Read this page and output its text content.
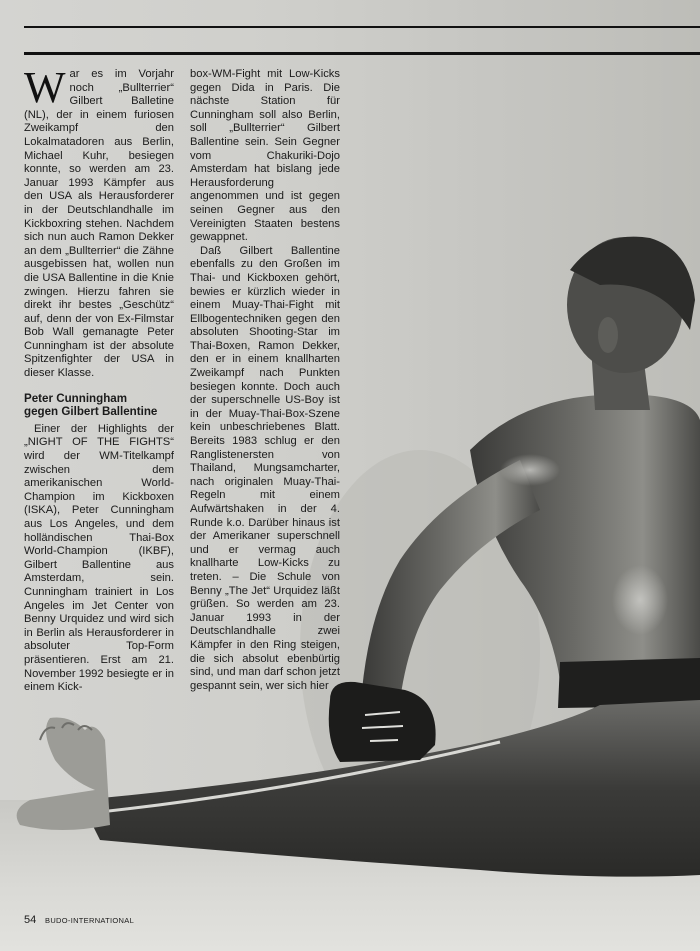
War es im Vorjahr noch „Bullterrier“ Gilbert Balletine (NL), der in einem furiosen Zweikampf den Lokalmatadoren aus Berlin, Michael Kuhr, besiegen konnte, so werden am 23. Januar 1993 Kämpfer aus den USA als Herausforderer in der Deutschlandhalle im Kickboxring stehen. Nachdem sich nun auch Ramon Dekker an dem „Bullterrier“ die Zähne ausgebissen hat, wollen nun die USA Ballentine in die Knie zwingen. Hierzu fahren sie direkt ihr bestes „Geschütz“ auf, denn der von Ex-Filmstar Bob Wall gemanagte Peter Cunningham ist der absolute Spitzenfighter der USA in dieser Klasse.

Peter Cunningham
gegen Gilbert Ballentine

Einer der Highlights der „NIGHT OF THE FIGHTS“ wird der WM-Titelkampf zwischen dem amerikanischen World-Champion im Kickboxen (ISKA), Peter Cunningham aus Los Angeles, und dem holländischen Thai-Box World-Champion (IKBF), Gilbert Ballentine aus Amsterdam, sein. Cunningham trainiert in Los Angeles im Jet Center von Benny Urquidez und wird sich in Berlin als Herausforderer in absoluter Top-Form präsentieren. Erst am 21. November 1992 besiegte er in einem Kick-

box-WM-Fight mit Low-Kicks gegen Dida in Paris. Die nächste Station für Cunningham soll also Berlin, soll „Bullterrier“ Gilbert Ballentine sein. Sein Gegner vom Chakuriki-Dojo Amsterdam hat bislang jede Herausforderung angenommen und ist gegen seinen Gegner aus den Vereinigten Staaten bestens gewappnet.

Daß Gilbert Ballentine ebenfalls zu den Großen im Thai- und Kickboxen gehört, bewies er kürzlich wieder in einem Muay-Thai-Fight mit Ellbogentechniken gegen den absoluten Shooting-Star im Thai-Boxen, Ramon Dekker, den er in einem knallharten Zweikampf nach Punkten besiegen konnte. Doch auch der superschnelle US-Boy ist in der Muay-Thai-Box-Szene kein unbeschriebenes Blatt. Bereits 1983 schlug er den Ranglistenersten von Thailand, Mungsamcharter, nach originalen Muay-Thai-Regeln mit einem Aufwärtshaken in der 4. Runde k.o. Darüber hinaus ist der Amerikaner superschnell und er vermag auch knallharte Low-Kicks zu treten. – Die Schule von Benny „The Jet“ Urquidez läßt grüßen. So werden am 23. Januar 1993 in der Deutschlandhalle zwei Kämpfer in den Ring steigen, die sich absolut ebenbürtig sind, und man darf schon jetzt gespannt sein, wer sich hier

54 BUDO-INTERNATIONAL
